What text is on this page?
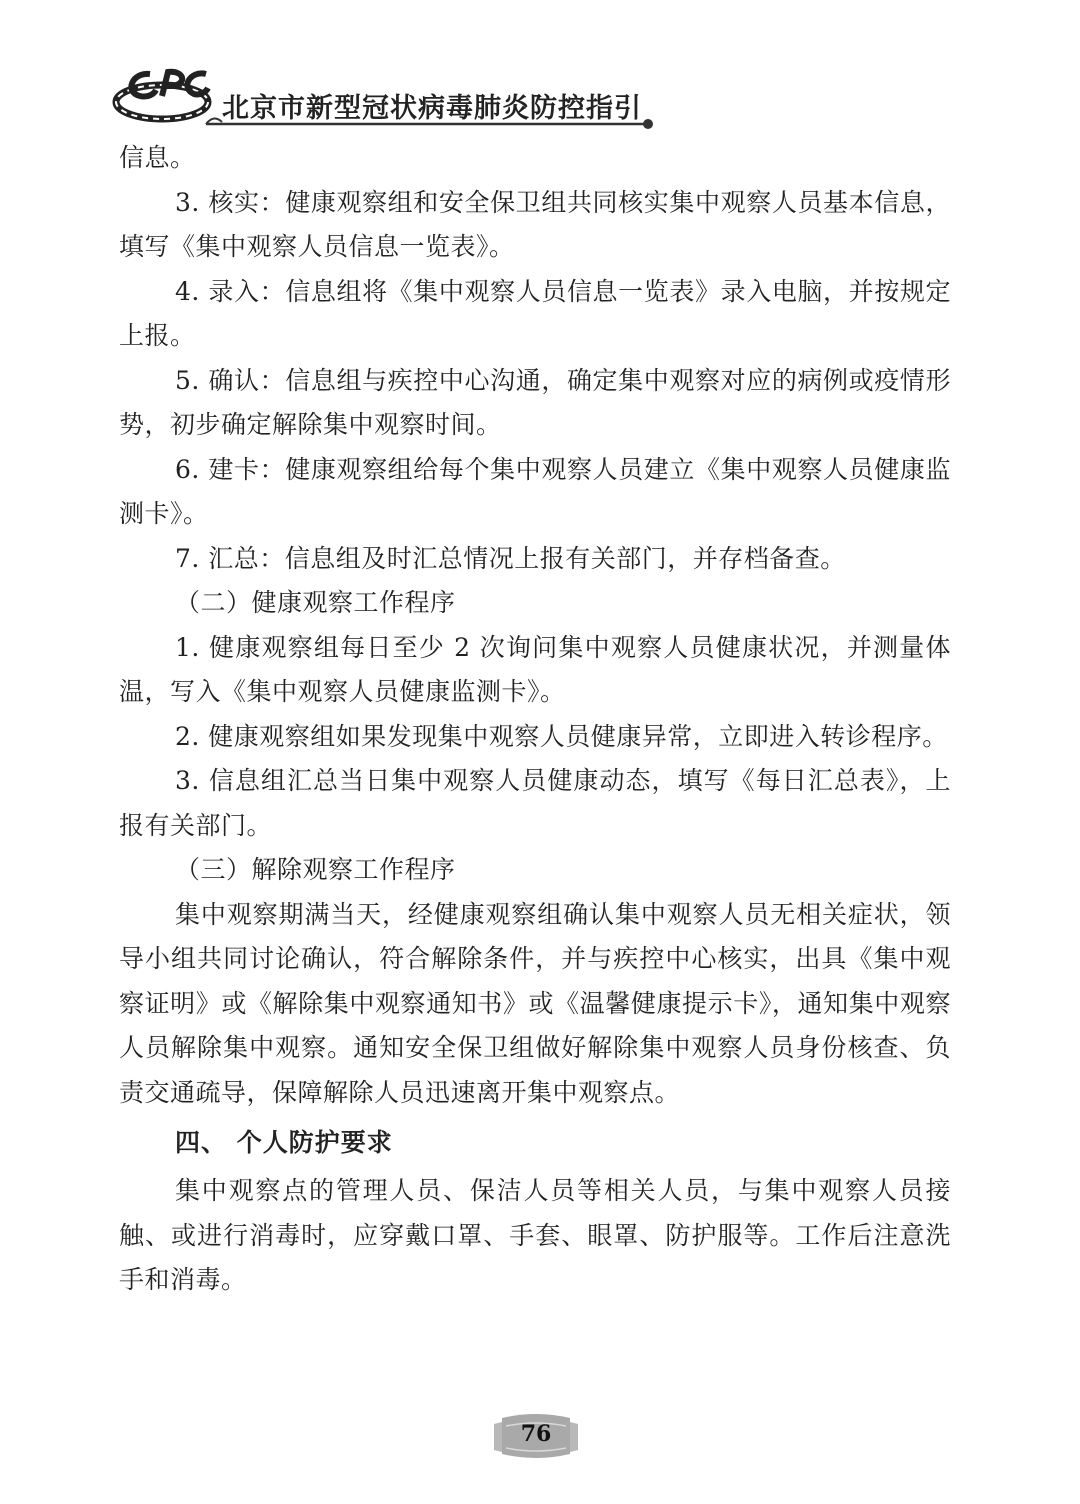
北京市新型冠状病毒肺炎防控指引

信息。

3. 核实：健康观察组和安全保卫组共同核实集中观察人员基本信息，填写《集中观察人员信息一览表》。

4. 录入：信息组将《集中观察人员信息一览表》录入电脑，并按规定上报。

5. 确认：信息组与疾控中心沟通，确定集中观察对应的病例或疫情形势，初步确定解除集中观察时间。

6. 建卡：健康观察组给每个集中观察人员建立《集中观察人员健康监测卡》。

7. 汇总：信息组及时汇总情况上报有关部门，并存档备查。

（二）健康观察工作程序

1. 健康观察组每日至少 2 次询问集中观察人员健康状况，并测量体温，写入《集中观察人员健康监测卡》。

2. 健康观察组如果发现集中观察人员健康异常，立即进入转诊程序。

3. 信息组汇总当日集中观察人员健康动态，填写《每日汇总表》，上报有关部门。

（三）解除观察工作程序

集中观察期满当天，经健康观察组确认集中观察人员无相关症状，领导小组共同讨论确认，符合解除条件，并与疾控中心核实，出具《集中观察证明》或《解除集中观察通知书》或《温馨健康提示卡》，通知集中观察人员解除集中观察。通知安全保卫组做好解除集中观察人员身份核查、负责交通疏导，保障解除人员迅速离开集中观察点。

四、 个人防护要求

集中观察点的管理人员、保洁人员等相关人员，与集中观察人员接触、或进行消毒时，应穿戴口罩、手套、眼罩、防护服等。工作后注意洗手和消毒。

76
